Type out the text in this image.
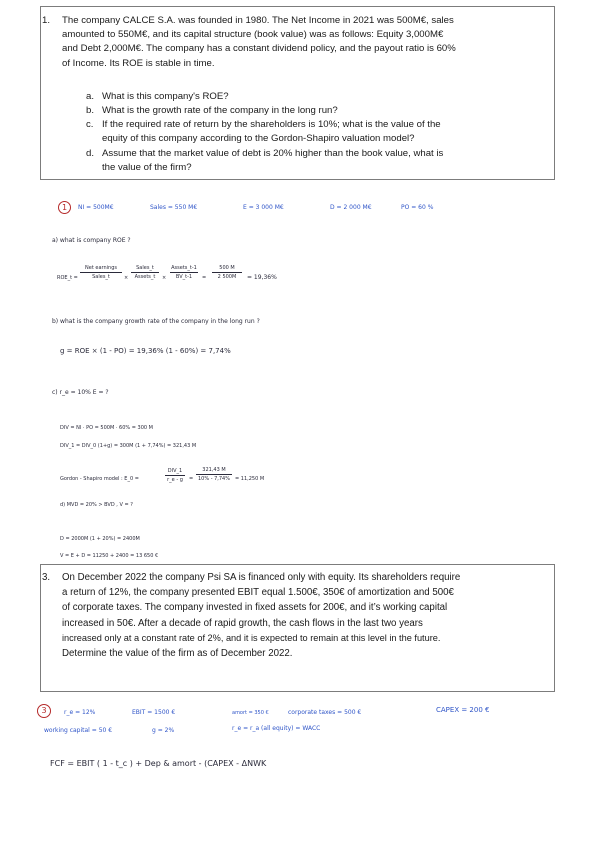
1. The company CALCE S.A. was founded in 1980. The Net Income in 2021 was 500M€, sales
amounted to 550M€, and its capital structure (book value) was as follows: Equity 3,000M€
and Debt 2,000M€. The company has a constant dividend policy, and the payout ratio is 60%
of Income. Its ROE is stable in time.
a. What is this company's ROE?
b. What is the growth rate of the company in the long run?
c. If the required rate of return by the shareholders is 10%; what is the value of the
equity of this company according to the Gordon-Shapiro valuation model?
d. Assume that the market value of debt is 20% higher than the book value, what is
the value of the firm?
1	NI = 500M€	Sales = 550 M€	E = 3 000 M€	D = 2 000 M€	PO = 60 %
a) what is company ROE ?
ROE_t =
Net earnings
Sales_t	×
Sales_t
Assets_t	×
Assets_t-1
BV_t-1	=
500 M
2 500M	= 19,36%
b) what is the company growth rate of the company in the long run ?
g = ROE × (1 - PO) = 19,36% (1 - 60%) = 7,74%
c) r_e = 10% E = ?
DIV = NI · PO = 500M · 60% = 300 M
DIV_1 = DIV_0 (1+g) = 300M (1 + 7,74%) = 321,43 M
Gordon - Shapiro model : E_0 =
DIV_1
r_e - g	=
321,43 M
10% - 7,74%	= 11,250 M
d) MVD = 20% > BVD , V = ?
D = 2000M (1 + 20%) = 2400M
V = E + D = 11250 + 2400 = 13 650 €
3. On December 2022 the company Psi SA is financed only with equity. Its shareholders require
a return of 12%, the company presented EBIT equal 1.500€, 350€ of amortization and 500€
of corporate taxes. The company invested in fixed assets for 200€, and it’s working capital
increased in 50€. After a decade of rapid growth, the cash flows in the last two years
increased only at a constant rate of 2%, and it is expected to remain at this level in the future.
Determine the value of the firm as of December 2022.
3	r_e = 12%	EBIT = 1500 €	amort = 350 €	corporate taxes = 500 €	CAPEX = 200 €
working capital = 50 €	g = 2%	r_e = r_a (all equity) = WACC
FCF = EBIT ( 1 - t_c ) + Dep & amort - (CAPEX - ΔNWK
